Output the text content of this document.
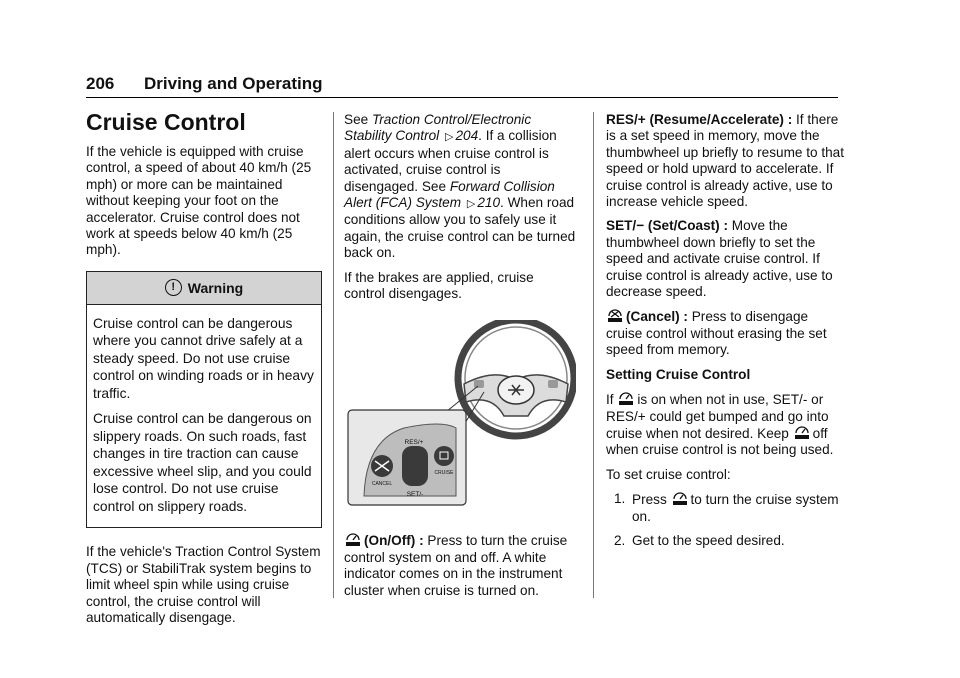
206 Driving and Operating
Cruise Control

If the vehicle is equipped with cruise control, a speed of about 40 km/h (25 mph) or more can be maintained without keeping your foot on the accelerator. Cruise control does not work at speeds below 40 km/h (25 mph).

! Warning

Cruise control can be dangerous where you cannot drive safely at a steady speed. Do not use cruise control on winding roads or in heavy traffic.

Cruise control can be dangerous on slippery roads. On such roads, fast changes in tire traction can cause excessive wheel slip, and you could lose control. Do not use cruise control on slippery roads.

If the vehicle's Traction Control System (TCS) or StabiliTrak system begins to limit wheel spin while using cruise control, the cruise control will automatically disengage.

See Traction Control/Electronic Stability Control ▷ 204. If a collision alert occurs when cruise control is activated, cruise control is disengaged. See Forward Collision Alert (FCA) System ▷ 210. When road conditions allow you to safely use it again, the cruise control can be turned back on.

If the brakes are applied, cruise control disengages.

RES/+
SET/-
CANCEL
CRUISE

(On/Off) : Press to turn the cruise control system on and off. A white indicator comes on in the instrument cluster when cruise is turned on.

RES/+ (Resume/Accelerate) : If there is a set speed in memory, move the thumbwheel up briefly to resume to that speed or hold upward to accelerate. If cruise control is already active, use to increase vehicle speed.

SET/− (Set/Coast) : Move the thumbwheel down briefly to set the speed and activate cruise control. If cruise control is already active, use to decrease speed.

(Cancel) : Press to disengage cruise control without erasing the set speed from memory.

Setting Cruise Control

If is on when not in use, SET/- or RES/+ could get bumped and go into cruise when not desired. Keep off when cruise control is not being used.

To set cruise control:

1. Press to turn the cruise system on.
2. Get to the speed desired.
